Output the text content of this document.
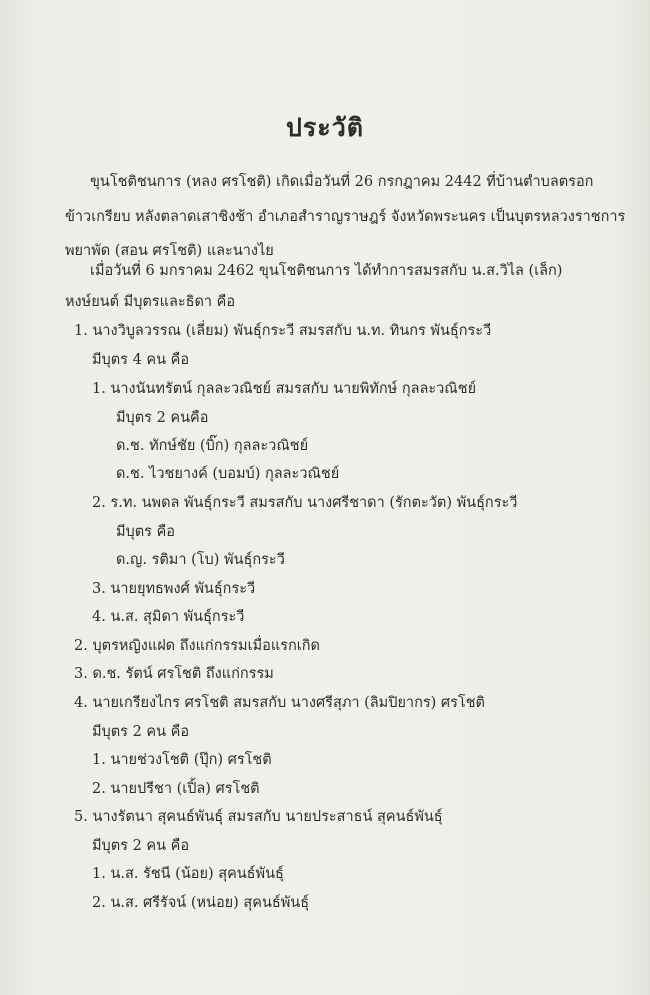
ประวัติ
ขุนโชติชนการ (หลง ศรโชติ) เกิดเมื่อวันที่ 26 กรกฎาคม 2442 ที่บ้านตำบลตรอก
ข้าวเกรียบ หลังตลาดเสาชิงช้า อำเภอสำราญราษฎร์ จังหวัดพระนคร เป็นบุตรหลวงราชการ
พยาพัด (สอน ศรโชติ) และนางไย
เมื่อวันที่ 6 มกราคม 2462 ขุนโชติชนการ ได้ทำการสมรสกับ น.ส.วิไล (เล็ก)
หงษ์ยนต์ มีบุตรและธิดา คือ
1. นางวิบูลวรรณ (เลี่ยม) พันธุ์กระวี สมรสกับ น.ท. ทินกร พันธุ์กระวี
มีบุตร 4 คน คือ
1. นางนันทรัตน์ กุลละวณิชย์ สมรสกับ นายพิทักษ์ กุลละวณิชย์
มีบุตร 2 คนคือ
ด.ช. ทักษ์ชัย (บิ๊ก) กุลละวณิชย์
ด.ช. ไวชยางค์ (บอมบ์) กุลละวณิชย์
2. ร.ท. นพดล พันธุ์กระวี สมรสกับ นางศรีชาดา (รักตะวัต) พันธุ์กระวี
มีบุตร คือ
ด.ญ. รติมา (โบ) พันธุ์กระวี
3. นายยุทธพงศ์ พันธุ์กระวี
4. น.ส. สุมิดา พันธุ์กระวี
2. บุตรหญิงแฝด ถึงแก่กรรมเมื่อแรกเกิด
3. ด.ช. รัตน์ ศรโชติ ถึงแก่กรรม
4. นายเกรียงไกร ศรโชติ สมรสกับ นางศรีสุภา (ลิมปิยากร) ศรโชติ
มีบุตร 2 คน คือ
1. นายช่วงโชติ (ปุ๊ก) ศรโชติ
2. นายปรีชา (เปิ้ล) ศรโชติ
5. นางรัตนา สุคนธ์พันธุ์ สมรสกับ นายประสาธน์ สุคนธ์พันธุ์
มีบุตร 2 คน คือ
1. น.ส. รัชนี (น้อย) สุคนธ์พันธุ์
2. น.ส. ศรีรัจน์ (หน่อย) สุคนธ์พันธุ์
